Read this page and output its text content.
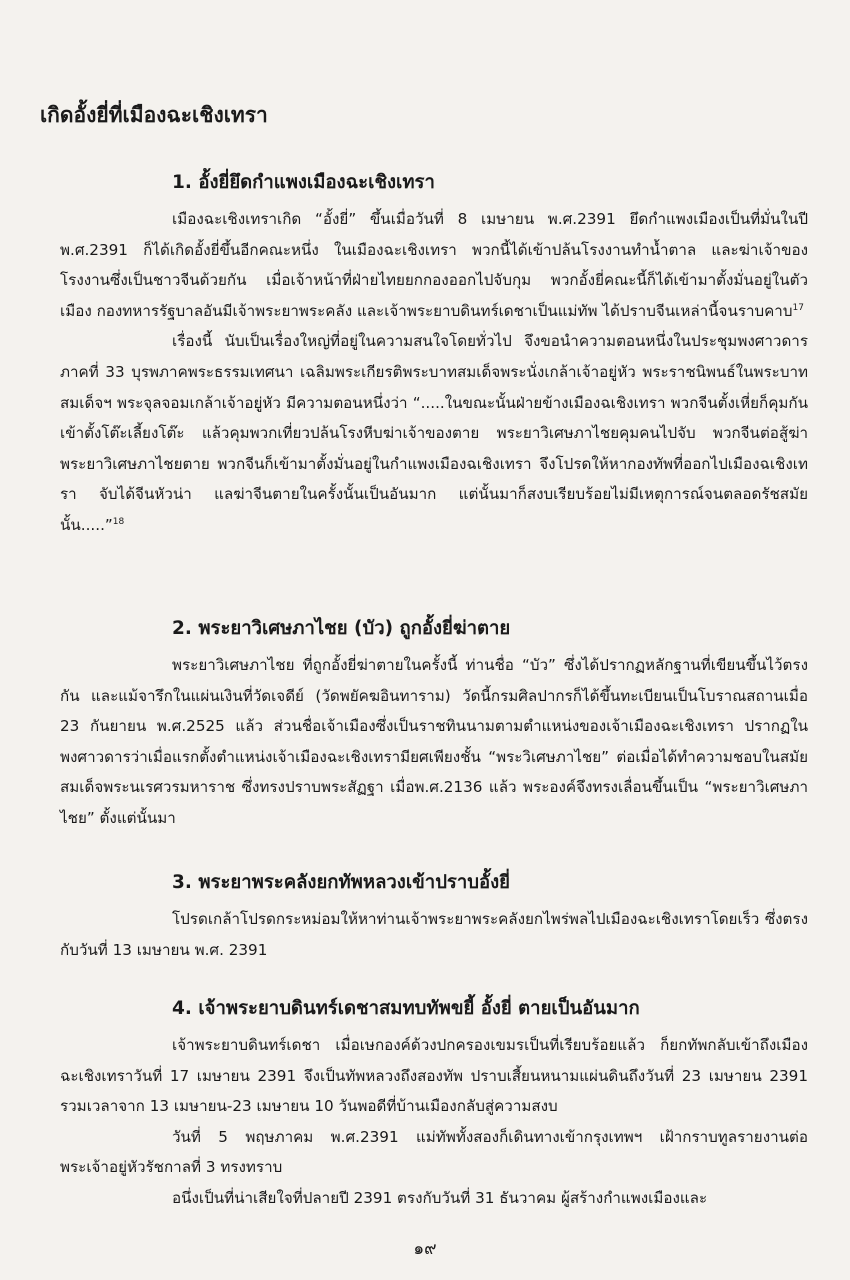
เกิดอั้งยี่ที่เมืองฉะเชิงเทรา
1. อั้งยี่ยึดกำแพงเมืองฉะเชิงเทรา

เมืองฉะเชิงเทราเกิด “อั้งยี่” ขึ้นเมื่อวันที่ 8 เมษายน พ.ศ.2391 ยึดกำแพงเมืองเป็นที่มั่นในปี พ.ศ.2391 ก็ได้เกิดอั้งยี่ขึ้นอีกคณะหนึ่ง ในเมืองฉะเชิงเทรา พวกนี้ได้เข้าปล้นโรงงานทำน้ำตาล และฆ่าเจ้าของโรงงานซึ่งเป็นชาวจีนด้วยกัน เมื่อเจ้าหน้าที่ฝ่ายไทยยกกองออกไปจับกุม พวกอั้งยี่คณะนี้ก็ได้เข้ามาตั้งมั่นอยู่ในตัวเมือง กองทหารรัฐบาลอันมีเจ้าพระยาพระคลัง และเจ้าพระยาบดินทร์เดชาเป็นแม่ทัพ ได้ปราบจีนเหล่านี้จนราบคาบ$^{17}$

เรื่องนี้ นับเป็นเรื่องใหญ่ที่อยู่ในความสนใจโดยทั่วไป จึงขอนำความตอนหนึ่งในประชุมพงศาวดารภาคที่ 33 บุรพภาคพระธรรมเทศนา เฉลิมพระเกียรติพระบาทสมเด็จพระนั่งเกล้าเจ้าอยู่หัว พระราชนิพนธ์ในพระบาทสมเด็จฯ พระจุลจอมเกล้าเจ้าอยู่หัว มีความตอนหนึ่งว่า “.....ในขณะนั้นฝ่ายข้างเมืองฉเชิงเทรา พวกจีนตั้งเหี่ยก็คุมกันเข้าตั้งโต๊ะเลี้ยงโต๊ะ แล้วคุมพวกเที่ยวปล้นโรงหีบฆ่าเจ้าของตาย พระยาวิเศษภาไชยคุมคนไปจับ พวกจีนต่อสู้ฆ่าพระยาวิเศษภาไชยตาย พวกจีนก็เข้ามาตั้งมั่นอยู่ในกำแพงเมืองฉเชิงเทรา จึงโปรดให้หากองทัพที่ออกไปเมืองฉเชิงเทรา จับได้จีนหัวน่า แลฆ่าจีนตายในครั้งนั้นเป็นอันมาก แต่นั้นมาก็สงบเรียบร้อยไม่มีเหตุการณ์จนตลอดรัชสมัยนั้น.....”$^{18}$

2. พระยาวิเศษภาไชย (บัว) ถูกอั้งยี่ฆ่าตาย

พระยาวิเศษภาไชย ที่ถูกอั้งยี่ฆ่าตายในครั้งนี้ ท่านชื่อ “บัว” ซึ่งได้ปรากฏหลักฐานที่เขียนขึ้นไว้ตรงกัน และแม้จารึกในแผ่นเงินที่วัดเจดีย์ (วัดพยัคฆอินทาราม) วัดนี้กรมศิลปากรก็ได้ขึ้นทะเบียนเป็นโบราณสถานเมื่อ 23 กันยายน พ.ศ.2525 แล้ว ส่วนชื่อเจ้าเมืองซึ่งเป็นราชทินนามตามตำแหน่งของเจ้าเมืองฉะเชิงเทรา ปรากฏในพงศาวดารว่าเมื่อแรกตั้งตำแหน่งเจ้าเมืองฉะเชิงเทรามียศเพียงชั้น “พระวิเศษภาไชย” ต่อเมื่อได้ทำความชอบในสมัยสมเด็จพระนเรศวรมหาราช ซึ่งทรงปราบพระสัฏฐา เมื่อพ.ศ.2136 แล้ว พระองค์จึงทรงเลื่อนขึ้นเป็น “พระยาวิเศษภาไชย” ตั้งแต่นั้นมา

3. พระยาพระคลังยกทัพหลวงเข้าปราบอั้งยี่

โปรดเกล้าโปรดกระหม่อมให้หาท่านเจ้าพระยาพระคลังยกไพร่พลไปเมืองฉะเชิงเทราโดยเร็ว ซึ่งตรงกับวันที่ 13 เมษายน พ.ศ. 2391

4. เจ้าพระยาบดินทร์เดชาสมทบทัพขยี้ อั้งยี่ ตายเป็นอันมาก

เจ้าพระยาบดินทร์เดชา เมื่อเษกองค์ด้วงปกครองเขมรเป็นที่เรียบร้อยแล้ว ก็ยกทัพกลับเข้าถึงเมืองฉะเชิงเทราวันที่ 17 เมษายน 2391 จึงเป็นทัพหลวงถึงสองทัพ ปราบเสี้ยนหนามแผ่นดินถึงวันที่ 23 เมษายน 2391 รวมเวลาจาก 13 เมษายน-23 เมษายน 10 วันพอดีที่บ้านเมืองกลับสู่ความสงบ

วันที่ 5 พฤษภาคม พ.ศ.2391 แม่ทัพทั้งสองก็เดินทางเข้ากรุงเทพฯ เฝ้ากราบทูลรายงานต่อพระเจ้าอยู่หัวรัชกาลที่ 3 ทรงทราบ

อนึ่งเป็นที่น่าเสียใจที่ปลายปี 2391 ตรงกับวันที่ 31 ธันวาคม ผู้สร้างกำแพงเมืองและ

๑๙
